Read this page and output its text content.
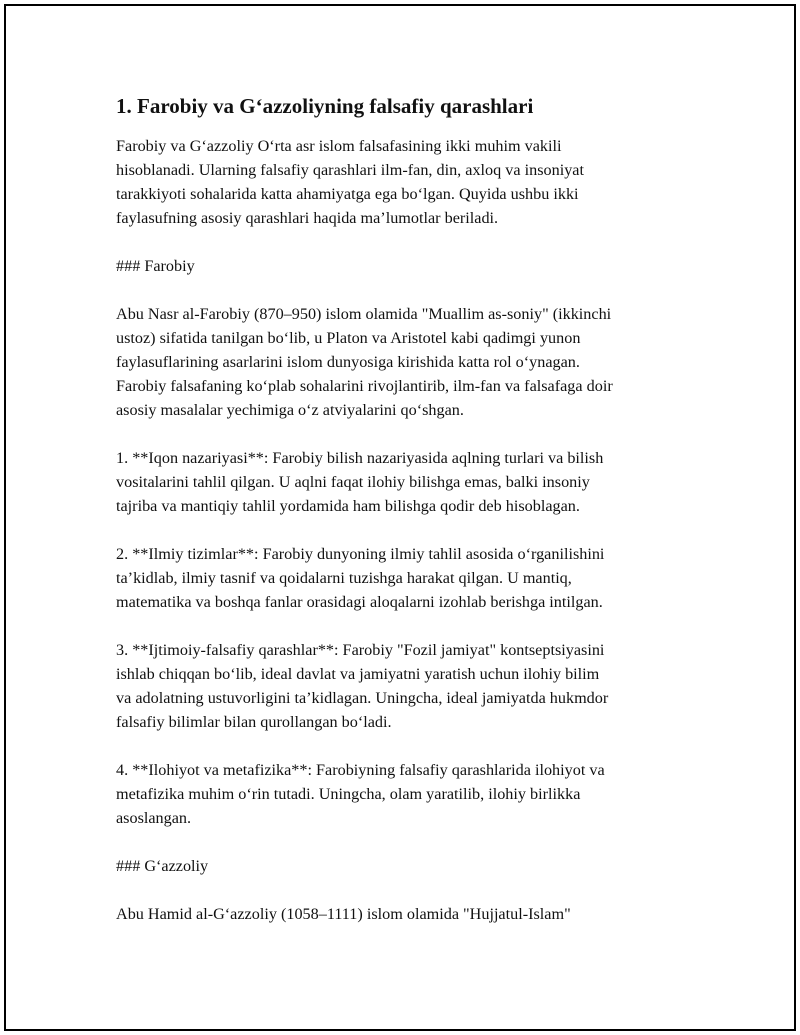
1. Farobiy va G‘azzoliyning falsafiy qarashlari

Farobiy va G‘azzoliy O‘rta asr islom falsafasining ikki muhim vakili
hisoblanadi. Ularning falsafiy qarashlari ilm-fan, din, axloq va insoniyat
tarakkiyoti sohalarida katta ahamiyatga ega bo‘lgan. Quyida ushbu ikki
faylasufning asosiy qarashlari haqida ma’lumotlar beriladi.

### Farobiy

Abu Nasr al-Farobiy (870–950) islom olamida "Muallim as-soniy" (ikkinchi
ustoz) sifatida tanilgan bo‘lib, u Platon va Aristotel kabi qadimgi yunon
faylasuflarining asarlarini islom dunyosiga kirishida katta rol o‘ynagan.
Farobiy falsafaning ko‘plab sohalarini rivojlantirib, ilm-fan va falsafaga doir
asosiy masalalar yechimiga o‘z atviyalarini qo‘shgan.

1. **Iqon nazariyasi**: Farobiy bilish nazariyasida aqlning turlari va bilish
vositalarini tahlil qilgan. U aqlni faqat ilohiy bilishga emas, balki insoniy
tajriba va mantiqiy tahlil yordamida ham bilishga qodir deb hisoblagan.

2. **Ilmiy tizimlar**: Farobiy dunyoning ilmiy tahlil asosida o‘rganilishini
ta’kidlab, ilmiy tasnif va qoidalarni tuzishga harakat qilgan. U mantiq,
matematika va boshqa fanlar orasidagi aloqalarni izohlab berishga intilgan.

3. **Ijtimoiy-falsafiy qarashlar**: Farobiy "Fozil jamiyat" kontseptsiyasini
ishlab chiqqan bo‘lib, ideal davlat va jamiyatni yaratish uchun ilohiy bilim
va adolatning ustuvorligini ta’kidlagan. Uningcha, ideal jamiyatda hukmdor
falsafiy bilimlar bilan qurollangan bo‘ladi.

4. **Ilohiyot va metafizika**: Farobiyning falsafiy qarashlarida ilohiyot va
metafizika muhim o‘rin tutadi. Uningcha, olam yaratilib, ilohiy birlikka
asoslangan.

### G‘azzoliy

Abu Hamid al-G‘azzoliy (1058–1111) islom olamida "Hujjatul-Islam"
